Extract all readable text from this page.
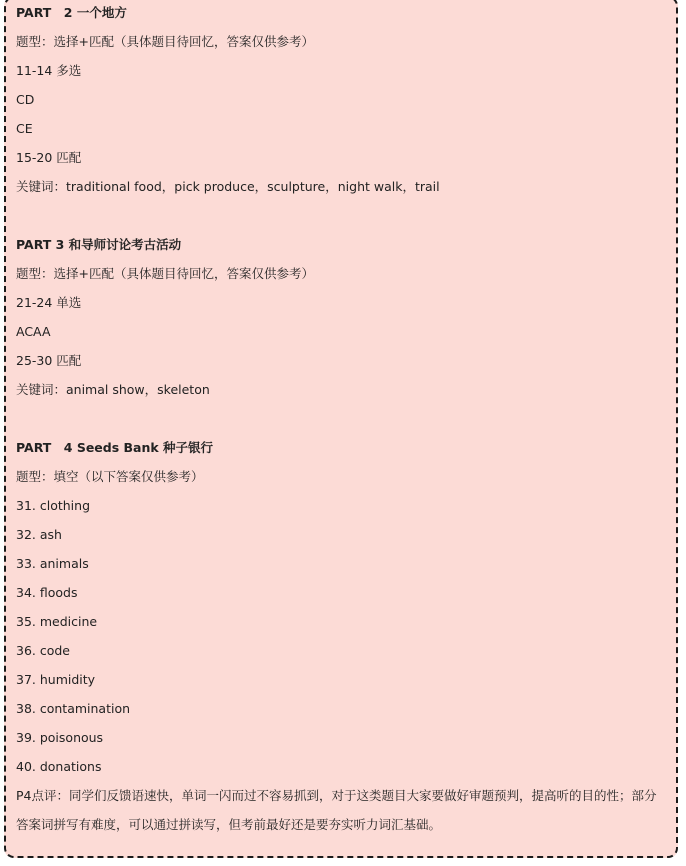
PART　2 一个地方
题型：选择+匹配（具体题目待回忆，答案仅供参考）
11-14 多选
CD
CE
15-20 匹配
关键词：traditional food，pick produce，sculpture，night walk，trail
PART 3 和导师讨论考古活动
题型：选择+匹配（具体题目待回忆，答案仅供参考）
21-24 单选
ACAA
25-30 匹配
关键词：animal show，skeleton
PART　4 Seeds Bank 种子银行
题型：填空（以下答案仅供参考）
31. clothing
32. ash
33. animals
34. floods
35. medicine
36. code
37. humidity
38. contamination
39. poisonous
40. donations
P4点评：同学们反馈语速快，单词一闪而过不容易抓到，对于这类题目大家要做好审题预判，提高听的目的性；部分答案词拼写有难度，可以通过拼读写，但考前最好还是要夯实听力词汇基础。
